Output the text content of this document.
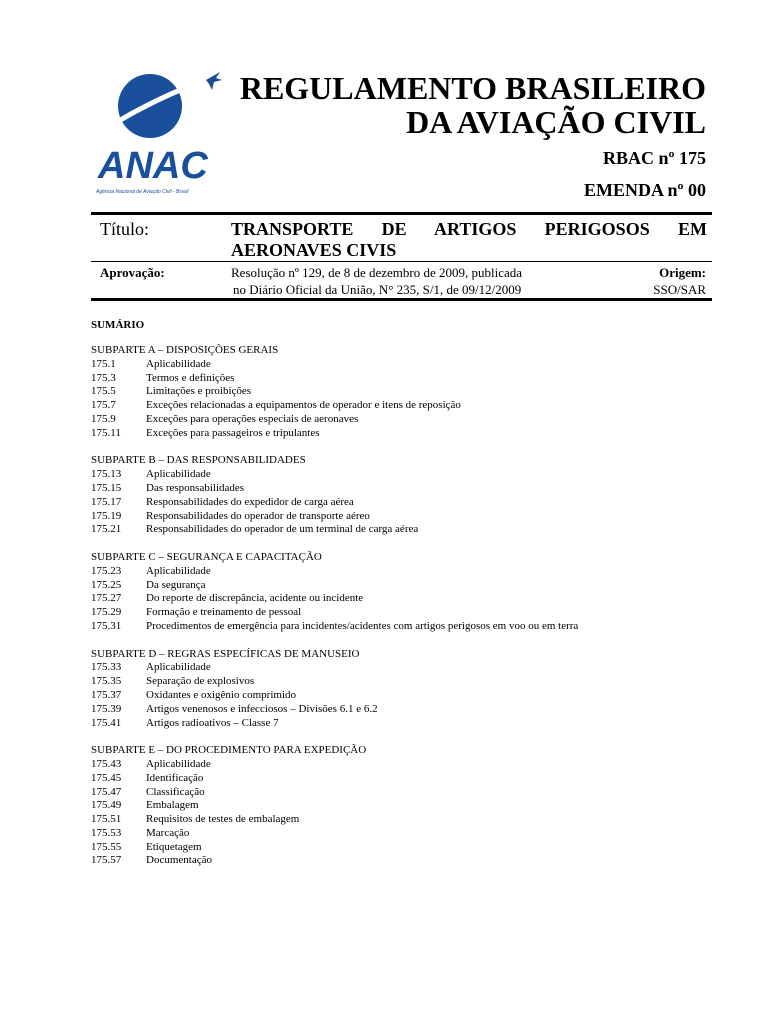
ANAC
Agência Nacional de Aviação Civil - Brasil
REGULAMENTO BRASILEIRO
DA AVIAÇÃO CIVIL
RBAC nº 175
EMENDA nº 00
Título:	TRANSPORTE DE ARTIGOS PERIGOSOS EM
AERONAVES CIVIS
Aprovação:	Resolução nº 129, de 8 de dezembro de 2009, publicada
no Diário Oficial da União, N° 235, S/1, de 09/12/2009
Origem:
SSO/SAR
SUMÁRIO
SUBPARTE A – DISPOSIÇÕES GERAIS
175.1	Aplicabilidade
175.3	Termos e definições
175.5	Limitações e proibições
175.7	Exceções relacionadas a equipamentos de operador e itens de reposição
175.9	Exceções para operações especiais de aeronaves
175.11	Exceções para passageiros e tripulantes
SUBPARTE B – DAS RESPONSABILIDADES
175.13	Aplicabilidade
175.15	Das responsabilidades
175.17	Responsabilidades do expedidor de carga aérea
175.19	Responsabilidades do operador de transporte aéreo
175.21	Responsabilidades do operador de um terminal de carga aérea
SUBPARTE C – SEGURANÇA E CAPACITAÇÃO
175.23	Aplicabilidade
175.25	Da segurança
175.27	Do reporte de discrepância, acidente ou incidente
175.29	Formação e treinamento de pessoal
175.31	Procedimentos de emergência para incidentes/acidentes com artigos perigosos em voo ou em terra
SUBPARTE D – REGRAS ESPECÍFICAS DE MANUSEIO
175.33	Aplicabilidade
175.35	Separação de explosivos
175.37	Oxidantes e oxigênio comprimido
175.39	Artigos venenosos e infecciosos – Divisões 6.1 e 6.2
175.41	Artigos radioativos – Classe 7
SUBPARTE E – DO PROCEDIMENTO PARA EXPEDIÇÃO
175.43	Aplicabilidade
175.45	Identificação
175.47	Classificação
175.49	Embalagem
175.51	Requisitos de testes de embalagem
175.53	Marcação
175.55	Etiquetagem
175.57	Documentação
